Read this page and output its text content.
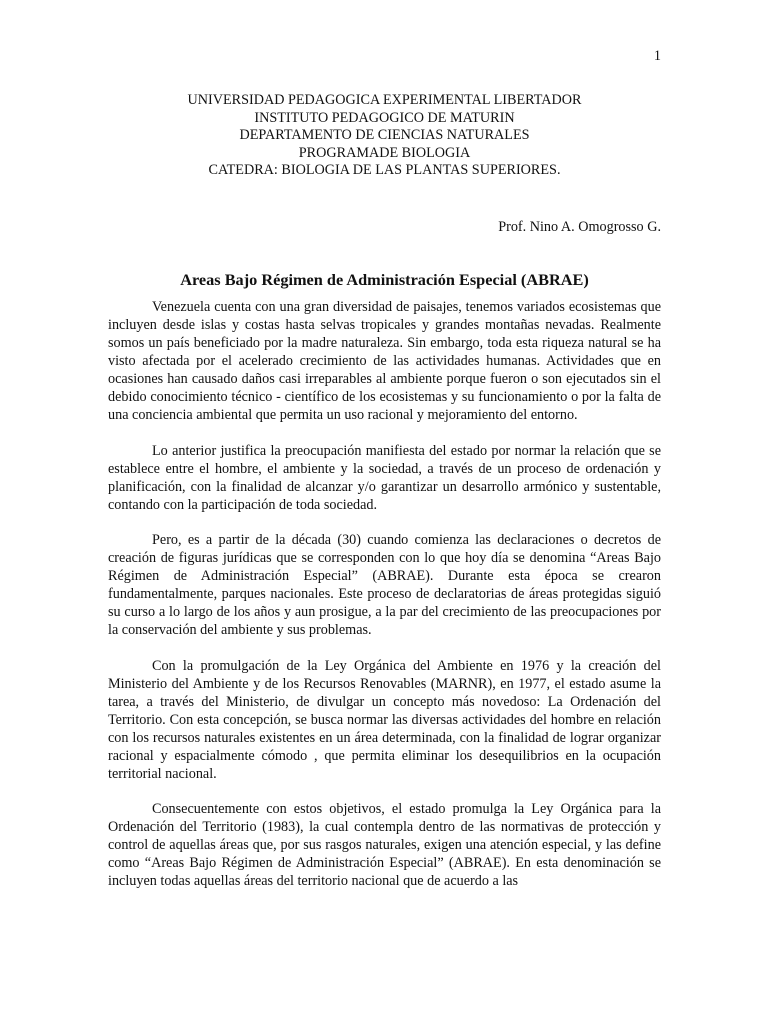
1
UNIVERSIDAD PEDAGOGICA EXPERIMENTAL LIBERTADOR
INSTITUTO PEDAGOGICO DE MATURIN
DEPARTAMENTO DE CIENCIAS NATURALES
PROGRAMADE BIOLOGIA
CATEDRA: BIOLOGIA DE LAS PLANTAS SUPERIORES.
Prof. Nino A. Omogrosso G.
Areas Bajo Régimen de Administración Especial (ABRAE)

Venezuela cuenta con una gran diversidad de paisajes, tenemos variados ecosistemas que incluyen desde islas y costas hasta selvas tropicales y grandes montañas nevadas. Realmente somos un país beneficiado por la madre naturaleza. Sin embargo, toda esta riqueza natural se ha visto afectada por el acelerado crecimiento de las actividades humanas. Actividades que en ocasiones han causado daños casi irreparables al ambiente porque fueron o son ejecutados sin el debido conocimiento técnico - científico de los ecosistemas y su funcionamiento o por la falta de una conciencia ambiental que permita un uso racional y mejoramiento del entorno.

Lo anterior justifica la preocupación manifiesta del estado por normar la relación que se establece entre el hombre, el ambiente y la sociedad, a través de un proceso de ordenación y planificación, con la finalidad de alcanzar y/o garantizar un desarrollo armónico y sustentable, contando con la participación de toda sociedad.

Pero, es a partir de la década (30) cuando comienza las declaraciones o decretos de creación de figuras jurídicas que se corresponden con lo que hoy día se denomina “Areas Bajo Régimen de Administración Especial” (ABRAE). Durante esta época se crearon fundamentalmente, parques nacionales. Este proceso de declaratorias de áreas protegidas siguió su curso a lo largo de los años y aun prosigue, a la par del crecimiento de las preocupaciones por la conservación del ambiente y sus problemas.

Con la promulgación de la Ley Orgánica del Ambiente en 1976 y la creación del Ministerio del Ambiente y de los Recursos Renovables (MARNR), en 1977, el estado asume la tarea, a través del Ministerio, de divulgar un concepto más novedoso: La Ordenación del Territorio. Con esta concepción, se busca normar las diversas actividades del hombre en relación con los recursos naturales existentes en un área determinada, con la finalidad de lograr organizar racional y espacialmente cómodo , que permita eliminar los desequilibrios en la ocupación territorial nacional.

Consecuentemente con estos objetivos, el estado promulga la Ley Orgánica para la Ordenación del Territorio (1983), la cual contempla dentro de las normativas de protección y control de aquellas áreas que, por sus rasgos naturales, exigen una atención especial, y las define como “Areas Bajo Régimen de Administración Especial” (ABRAE). En esta denominación se incluyen todas aquellas áreas del territorio nacional que de acuerdo a las
